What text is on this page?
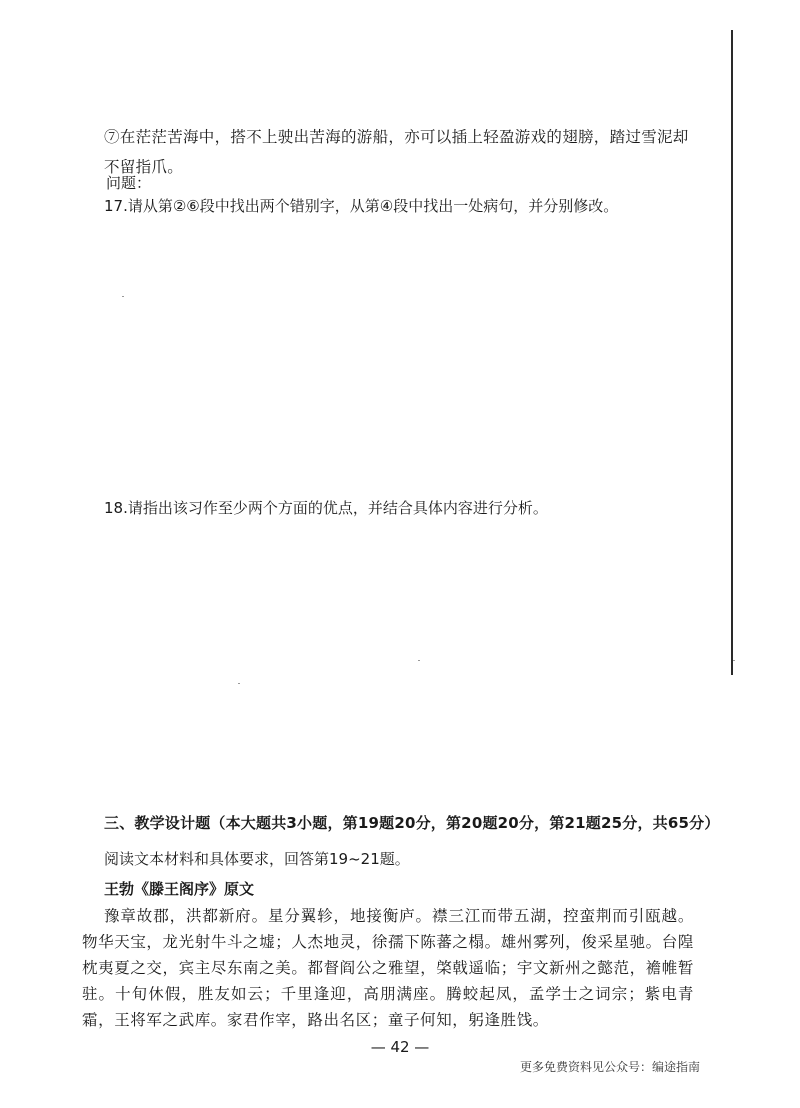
⑦在茫茫苦海中，搭不上驶出苦海的游船，亦可以插上轻盈游戏的翅膀，踏过雪泥却不留指爪。

问题：

17.请从第②⑥段中找出两个错别字，从第④段中找出一处病句，并分别修改。

18.请指出该习作至少两个方面的优点，并结合具体内容进行分析。

三、教学设计题（本大题共3小题，第19题20分，第20题20分，第21题25分，共65分）

阅读文本材料和具体要求，回答第19~21题。

王勃《滕王阁序》原文

豫章故郡，洪都新府。星分翼轸，地接衡庐。襟三江而带五湖，控蛮荆而引瓯越。物华天宝，龙光射牛斗之墟；人杰地灵，徐孺下陈蕃之榻。雄州雾列，俊采星驰。台隍枕夷夏之交，宾主尽东南之美。都督阎公之雅望，棨戟遥临；宇文新州之懿范，襜帷暂驻。十旬休假，胜友如云；千里逢迎，高朋满座。腾蛟起凤，孟学士之词宗；紫电青霜，王将军之武库。家君作宰，路出名区；童子何知，躬逢胜饯。

— 42 —

更多免费资料见公众号：编途指南
